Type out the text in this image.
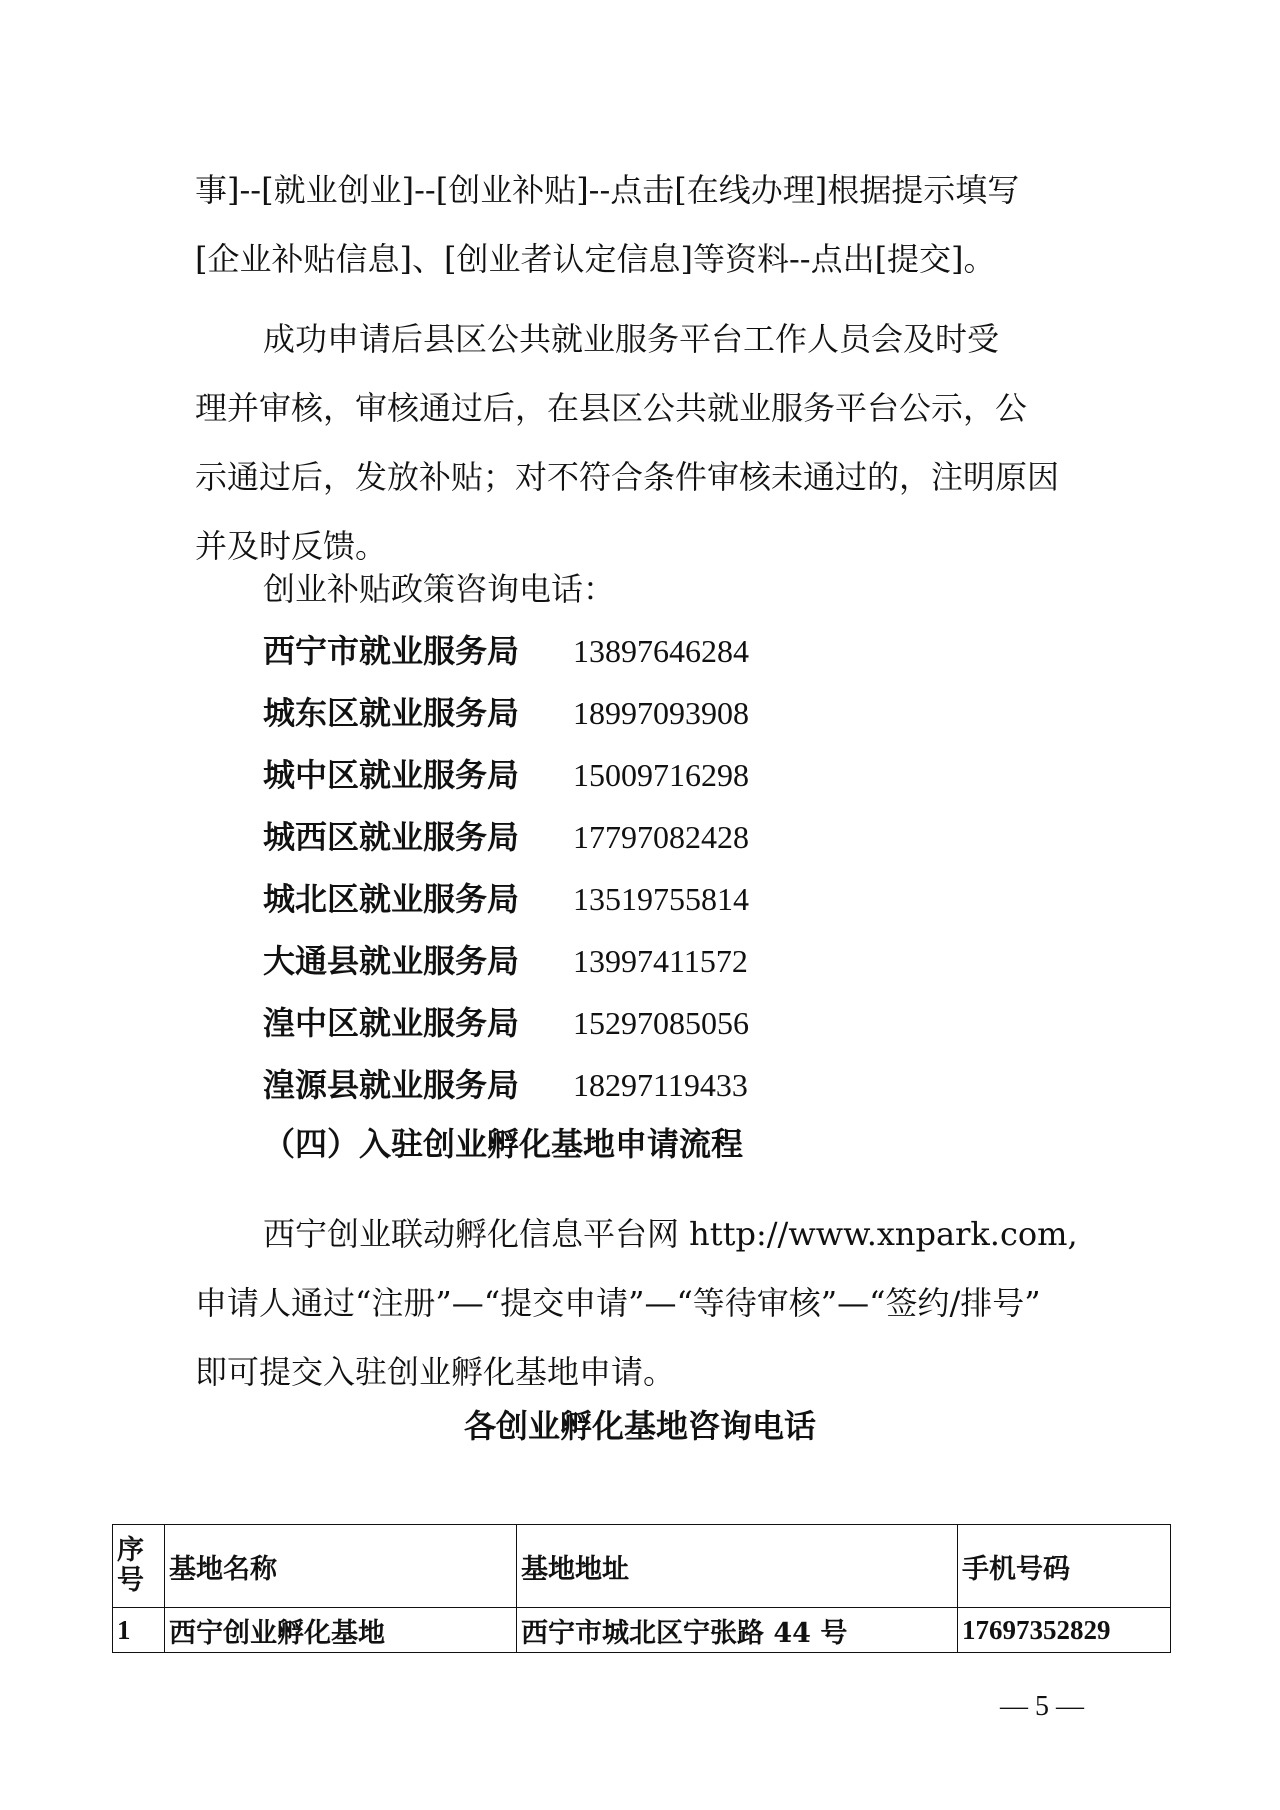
事]--[就业创业]--[创业补贴]--点击[在线办理]根据提示填写
[企业补贴信息]、[创业者认定信息]等资料--点出[提交]。

成功申请后县区公共就业服务平台工作人员会及时受
理并审核，审核通过后，在县区公共就业服务平台公示，公
示通过后，发放补贴；对不符合条件审核未通过的，注明原因
并及时反馈。

创业补贴政策咨询电话：
西宁市就业服务局 13897646284
城东区就业服务局 18997093908
城中区就业服务局 15009716298
城西区就业服务局 17797082428
城北区就业服务局 13519755814
大通县就业服务局 13997411572
湟中区就业服务局 15297085056
湟源县就业服务局 18297119433
（四）入驻创业孵化基地申请流程

西宁创业联动孵化信息平台网 http://www.xnpark.com,
申请人通过“注册”—“提交申请”—“等待审核”—“签约/排号”
即可提交入驻创业孵化基地申请。

各创业孵化基地咨询电话
序号	基地名称	基地地址	手机号码
1	西宁创业孵化基地	西宁市城北区宁张路 44 号	17697352829
— 5 —
